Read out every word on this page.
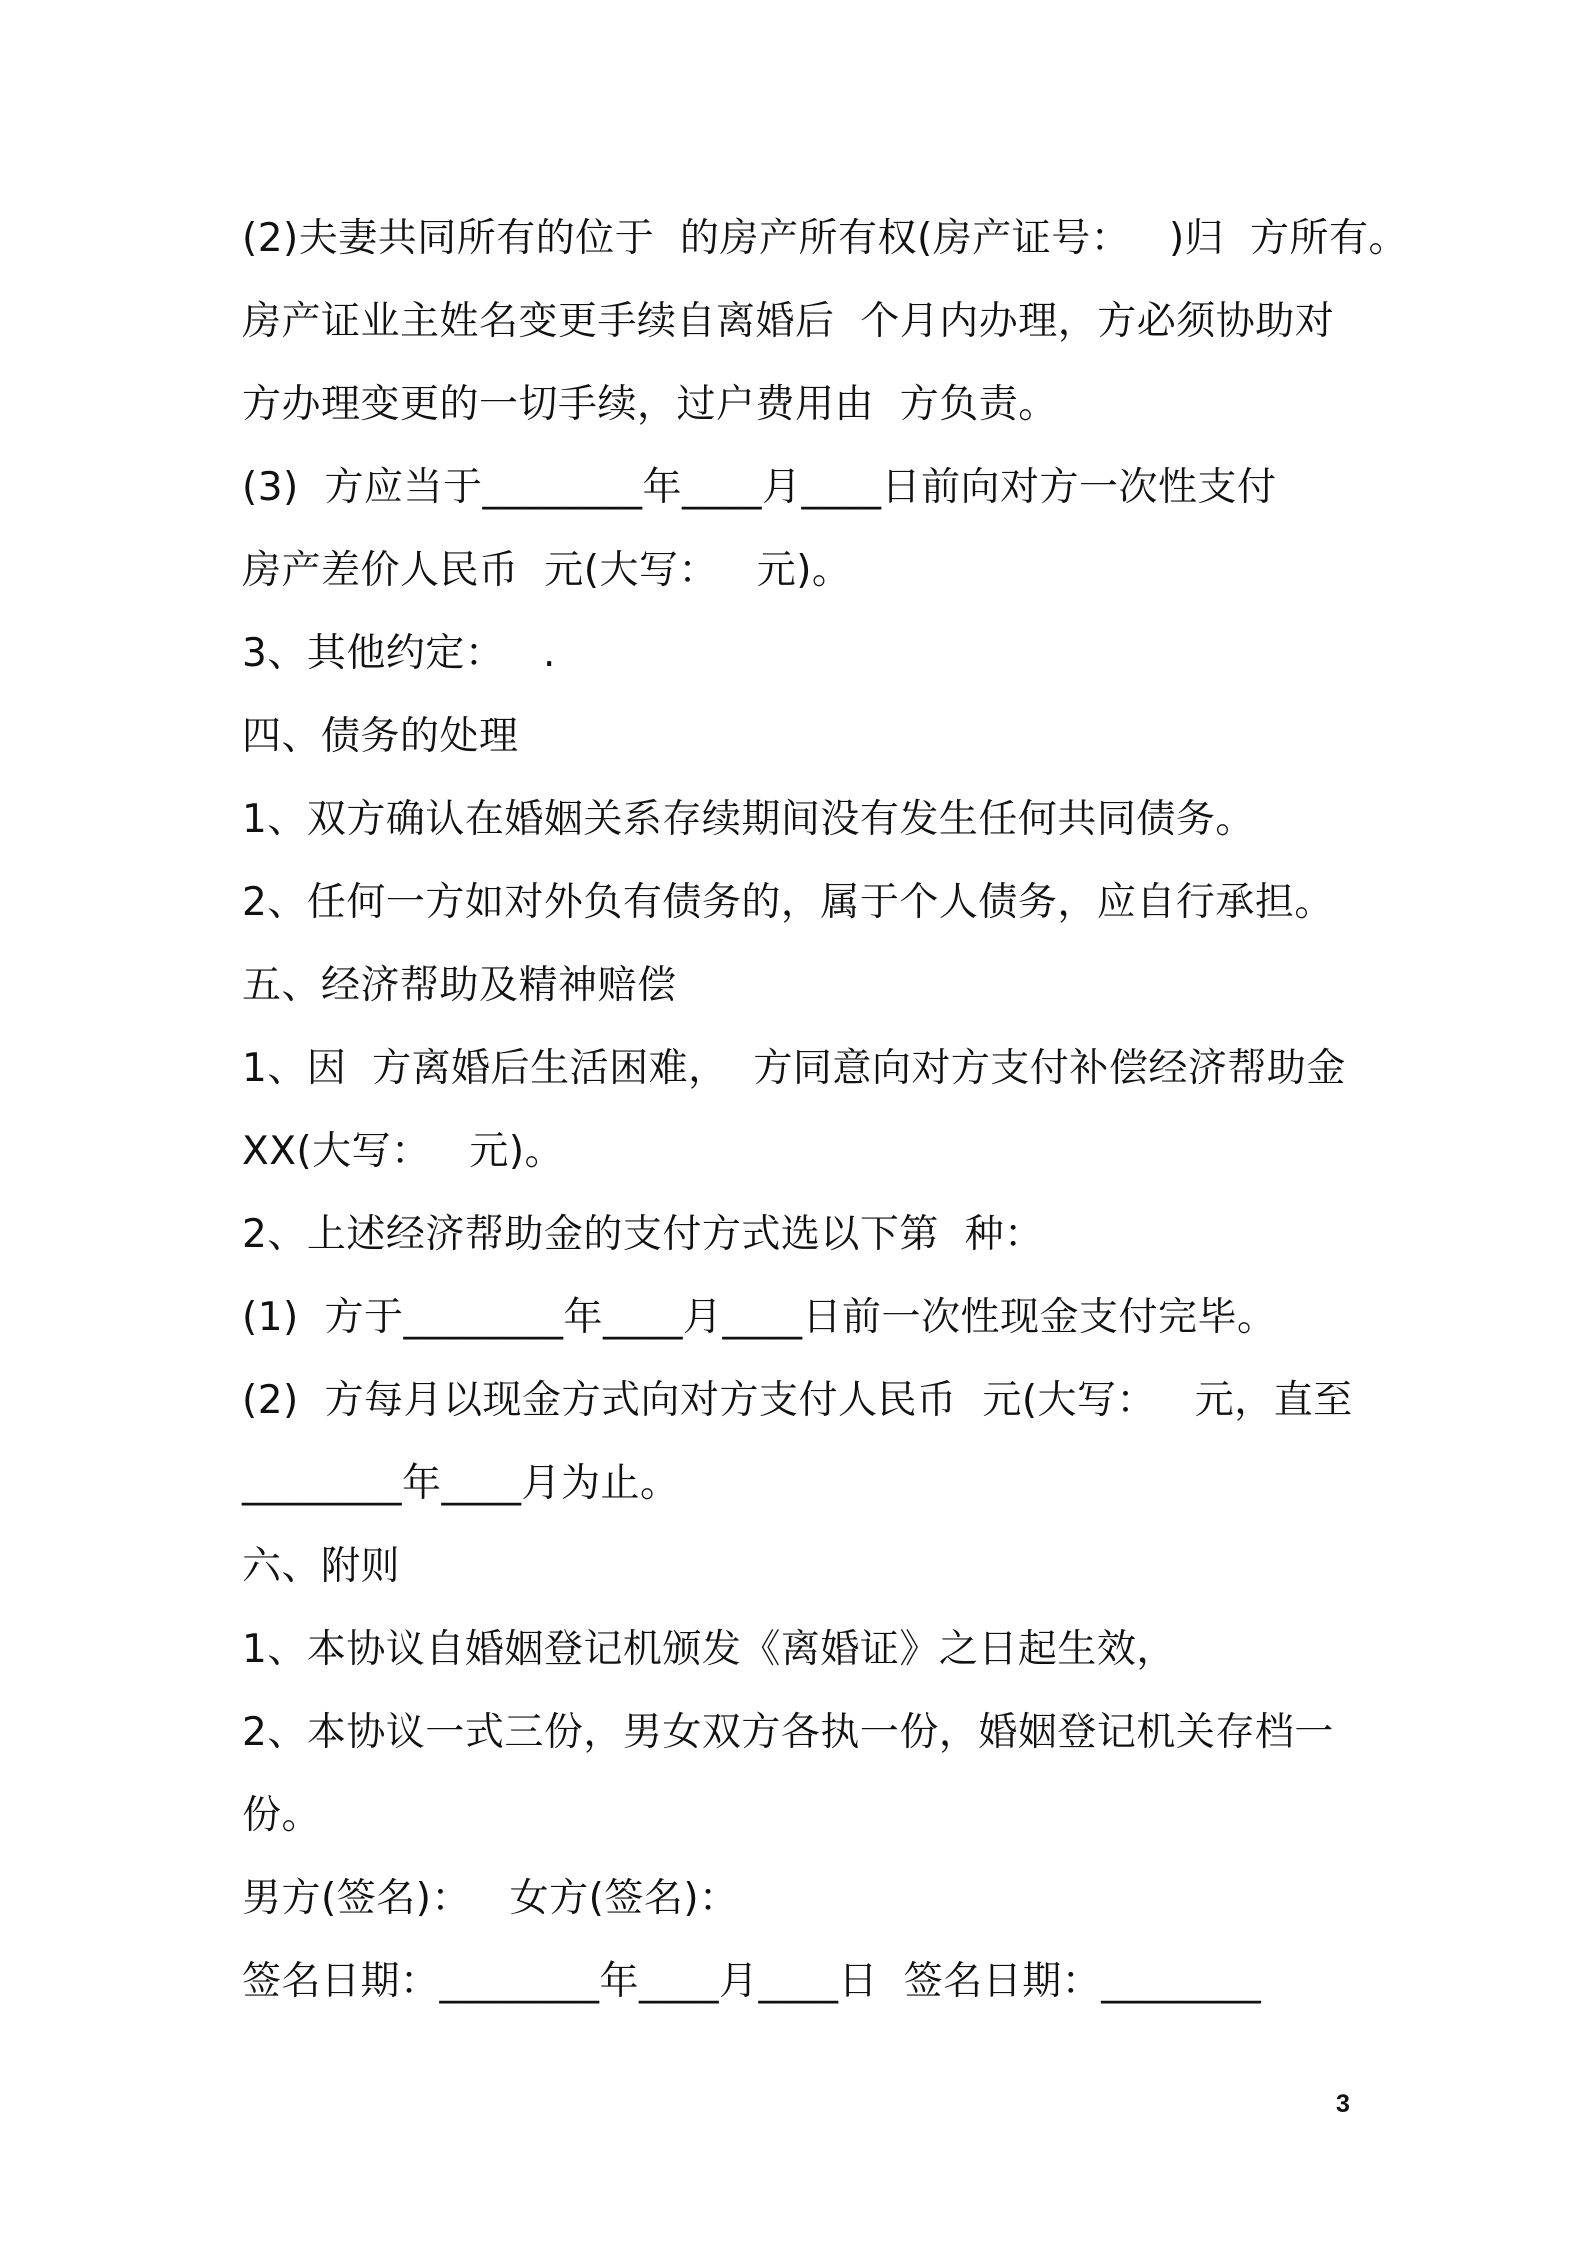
(2)夫妻共同所有的位于  的房产所有权(房产证号：   )归  方所有。
房产证业主姓名变更手续自离婚后  个月内办理，方必须协助对
方办理变更的一切手续，过户费用由  方负责。
(3)  方应当于________年____月____日前向对方一次性支付
房产差价人民币  元(大写：   元)。
3、其他约定：   .
四、债务的处理
1、双方确认在婚姻关系存续期间没有发生任何共同债务。
2、任何一方如对外负有债务的，属于个人债务，应自行承担。
五、经济帮助及精神赔偿
1、因  方离婚后生活困难，  方同意向对方支付补偿经济帮助金
XX(大写：   元)。
2、上述经济帮助金的支付方式选以下第  种：
(1)  方于________年____月____日前一次性现金支付完毕。
(2)  方每月以现金方式向对方支付人民币  元(大写：   元，直至
________年____月为止。
六、附则
1、本协议自婚姻登记机颁发《离婚证》之日起生效，
2、本协议一式三份，男女双方各执一份，婚姻登记机关存档一
份。
男方(签名)：   女方(签名)：
签名日期：________年____月____日  签名日期：________
3
